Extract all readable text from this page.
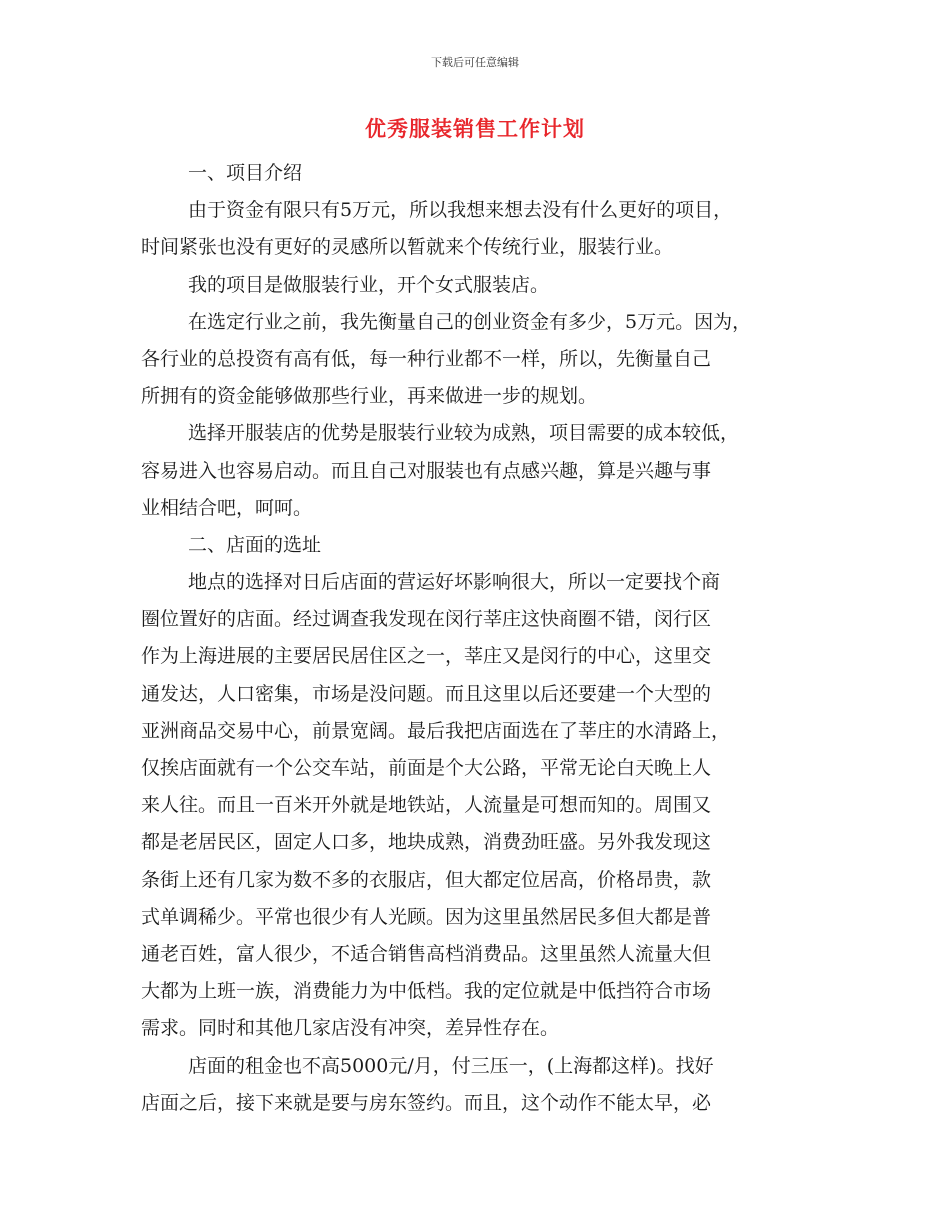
下载后可任意编辑
优秀服装销售工作计划
一、项目介绍
由于资金有限只有5万元，所以我想来想去没有什么更好的项目，
时间紧张也没有更好的灵感所以暂就来个传统行业，服装行业。
我的项目是做服装行业，开个女式服装店。
在选定行业之前，我先衡量自己的创业资金有多少，5万元。因为，
各行业的总投资有高有低，每一种行业都不一样，所以，先衡量自己
所拥有的资金能够做那些行业，再来做进一步的规划。
选择开服装店的优势是服装行业较为成熟，项目需要的成本较低，
容易进入也容易启动。而且自己对服装也有点感兴趣，算是兴趣与事
业相结合吧，呵呵。
二、店面的选址
地点的选择对日后店面的营运好坏影响很大，所以一定要找个商
圈位置好的店面。经过调查我发现在闵行莘庄这快商圈不错，闵行区
作为上海进展的主要居民居住区之一，莘庄又是闵行的中心，这里交
通发达，人口密集，市场是没问题。而且这里以后还要建一个大型的
亚洲商品交易中心，前景宽阔。最后我把店面选在了莘庄的水清路上，
仅挨店面就有一个公交车站，前面是个大公路，平常无论白天晚上人
来人往。而且一百米开外就是地铁站，人流量是可想而知的。周围又
都是老居民区，固定人口多，地块成熟，消费劲旺盛。另外我发现这
条街上还有几家为数不多的衣服店，但大都定位居高，价格昂贵，款
式单调稀少。平常也很少有人光顾。因为这里虽然居民多但大都是普
通老百姓，富人很少，不适合销售高档消费品。这里虽然人流量大但
大都为上班一族，消费能力为中低档。我的定位就是中低挡符合市场
需求。同时和其他几家店没有冲突，差异性存在。
店面的租金也不高5000元/月，付三压一，(上海都这样)。找好
店面之后，接下来就是要与房东签约。而且，这个动作不能太早，必
